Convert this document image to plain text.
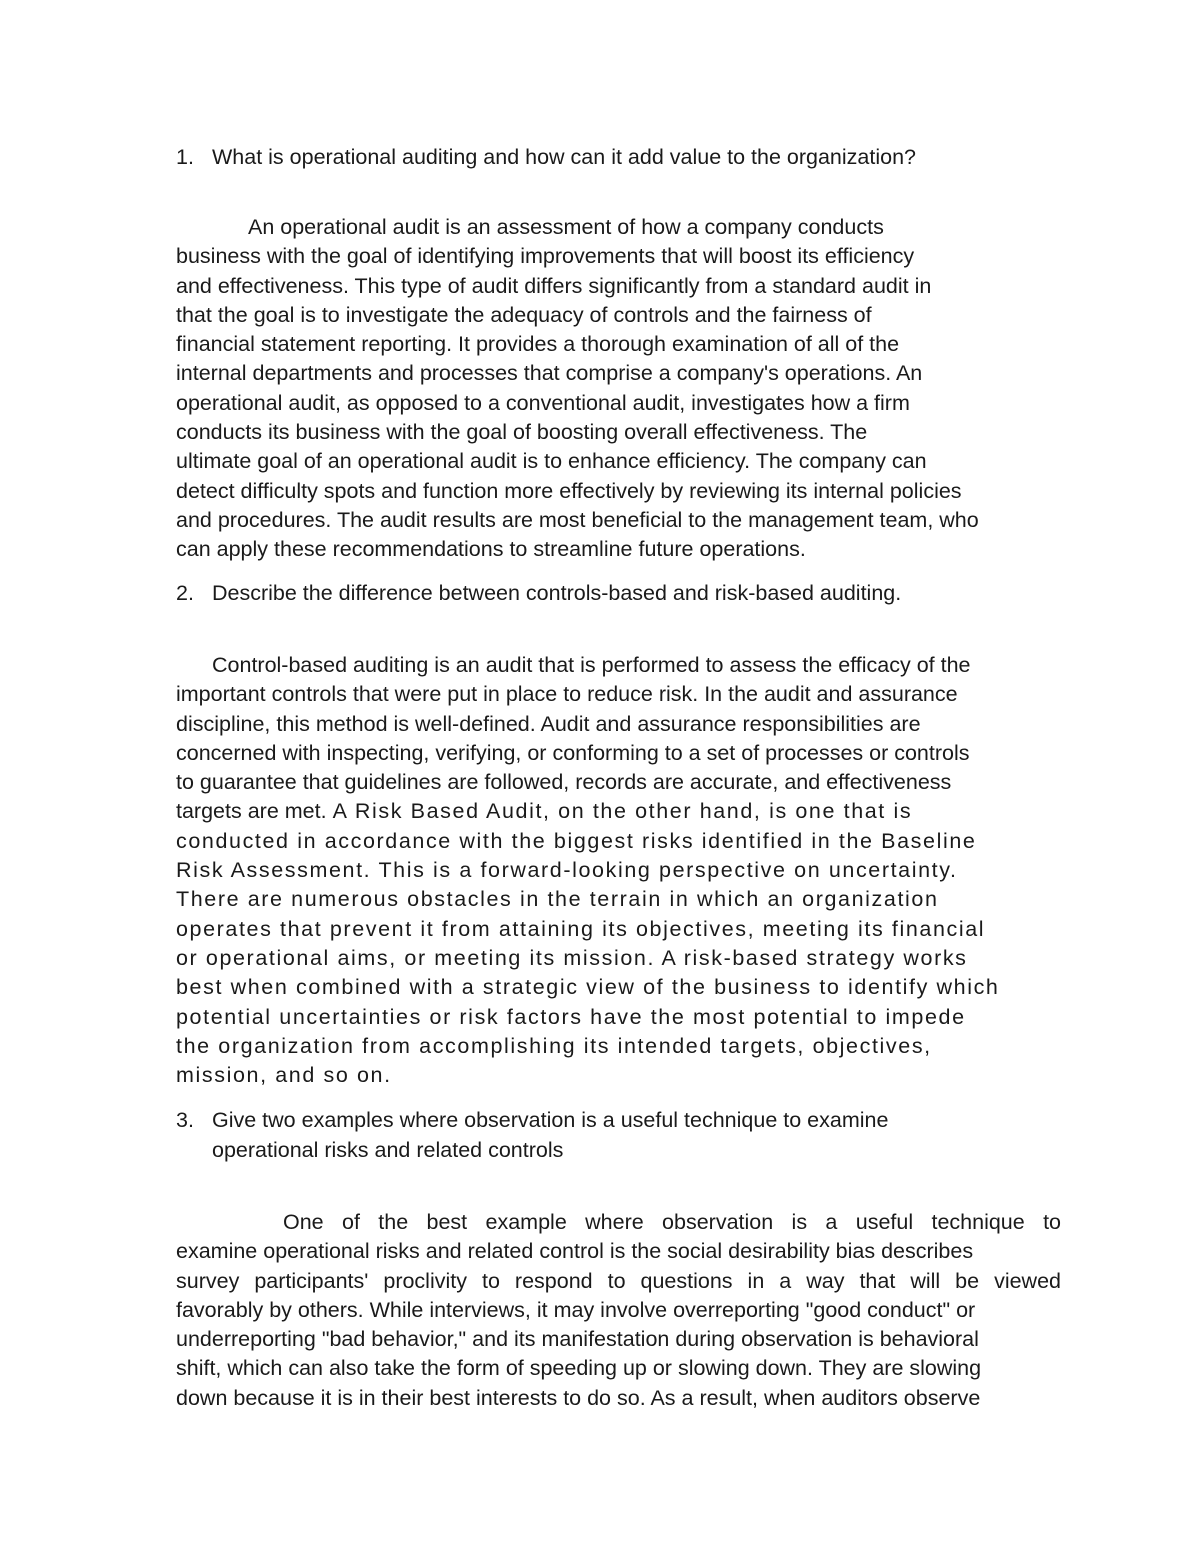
1. What is operational auditing and how can it add value to the organization?
An operational audit is an assessment of how a company conducts
business with the goal of identifying improvements that will boost its efficiency
and effectiveness. This type of audit differs significantly from a standard audit in
that the goal is to investigate the adequacy of controls and the fairness of
financial statement reporting. It provides a thorough examination of all of the
internal departments and processes that comprise a company's operations. An
operational audit, as opposed to a conventional audit, investigates how a firm
conducts its business with the goal of boosting overall effectiveness. The
ultimate goal of an operational audit is to enhance efficiency. The company can
detect difficulty spots and function more effectively by reviewing its internal policies
and procedures. The audit results are most beneficial to the management team, who
can apply these recommendations to streamline future operations.
2. Describe the difference between controls-based and risk-based auditing.
Control-based auditing is an audit that is performed to assess the efficacy of the
important controls that were put in place to reduce risk. In the audit and assurance
discipline, this method is well-defined. Audit and assurance responsibilities are
concerned with inspecting, verifying, or conforming to a set of processes or controls
to guarantee that guidelines are followed, records are accurate, and effectiveness
targets are met. A Risk Based Audit, on the other hand, is one that is
conducted in accordance with the biggest risks identified in the Baseline
Risk Assessment. This is a forward-looking perspective on uncertainty.
There are numerous obstacles in the terrain in which an organization
operates that prevent it from attaining its objectives, meeting its financial
or operational aims, or meeting its mission. A risk-based strategy works
best when combined with a strategic view of the business to identify which
potential uncertainties or risk factors have the most potential to impede
the organization from accomplishing its intended targets, objectives,
mission, and so on.
3. Give two examples where observation is a useful technique to examine
operational risks and related controls
One of the best example where observation is a useful technique to
examine operational risks and related control is the social desirability bias describes
survey participants' proclivity to respond to questions in a way that will be viewed
favorably by others. While interviews, it may involve overreporting "good conduct" or
underreporting "bad behavior," and its manifestation during observation is behavioral
shift, which can also take the form of speeding up or slowing down. They are slowing
down because it is in their best interests to do so. As a result, when auditors observe
